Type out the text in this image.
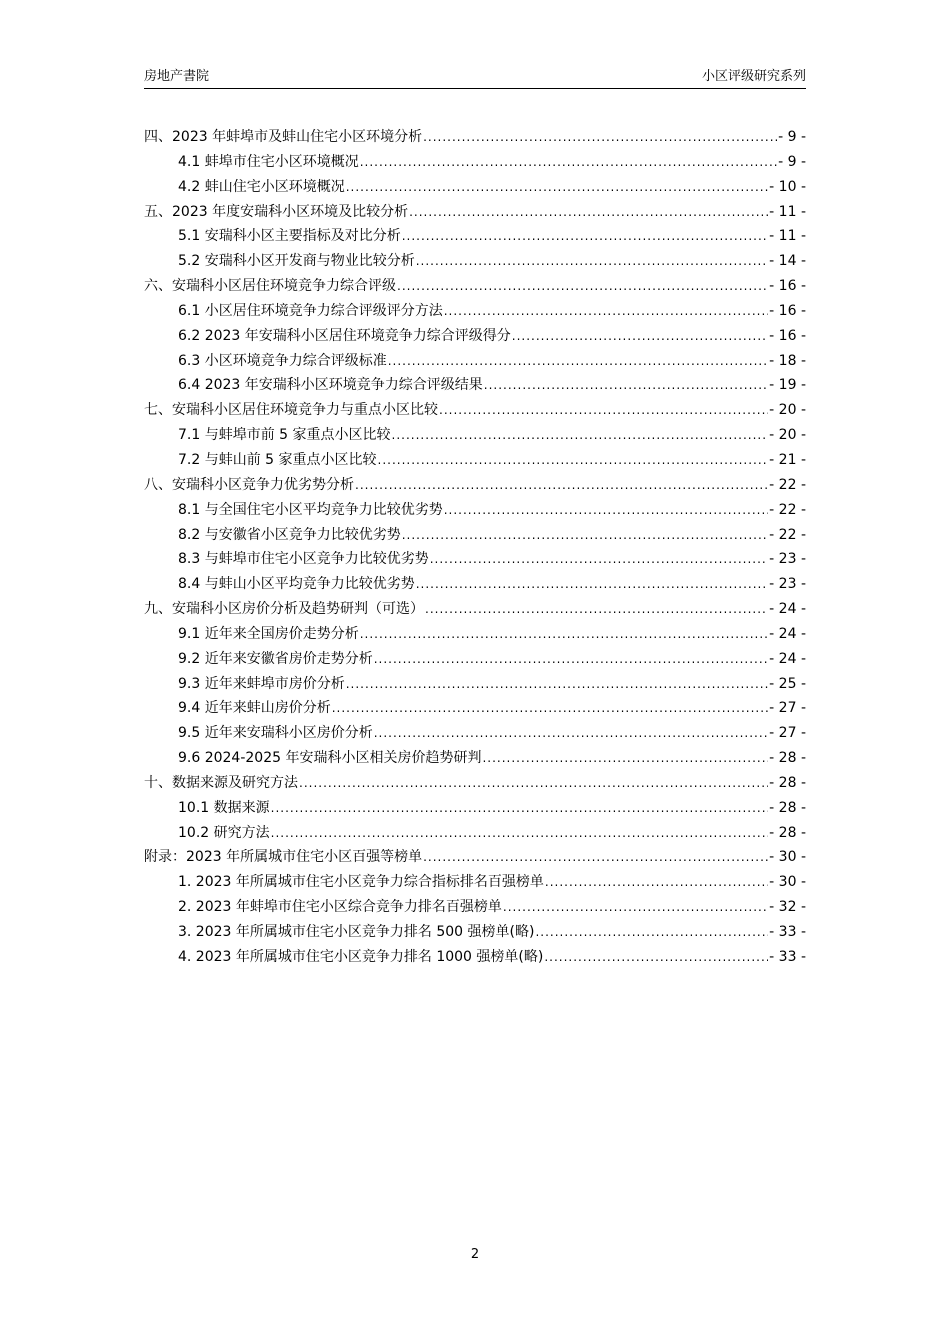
房地产書院	小区评级研究系列
四、2023 年蚌埠市及蚌山住宅小区环境分析 .....	- 9 -
4.1 蚌埠市住宅小区环境概况 .....	- 9 -
4.2 蚌山住宅小区环境概况 .....	- 10 -
五、2023 年度安瑞科小区环境及比较分析 .....	- 11 -
5.1 安瑞科小区主要指标及对比分析 .....	- 11 -
5.2 安瑞科小区开发商与物业比较分析 .....	- 14 -
六、安瑞科小区居住环境竞争力综合评级 .....	- 16 -
6.1 小区居住环境竞争力综合评级评分方法 .....	- 16 -
6.2 2023 年安瑞科小区居住环境竞争力综合评级得分 .....	- 16 -
6.3 小区环境竞争力综合评级标准 .....	- 18 -
6.4 2023 年安瑞科小区环境竞争力综合评级结果 .....	- 19 -
七、安瑞科小区居住环境竞争力与重点小区比较 .....	- 20 -
7.1 与蚌埠市前 5 家重点小区比较 .....	- 20 -
7.2 与蚌山前 5 家重点小区比较 .....	- 21 -
八、安瑞科小区竞争力优劣势分析 .....	- 22 -
8.1 与全国住宅小区平均竞争力比较优劣势 .....	- 22 -
8.2 与安徽省小区竞争力比较优劣势 .....	- 22 -
8.3 与蚌埠市住宅小区竞争力比较优劣势 .....	- 23 -
8.4 与蚌山小区平均竞争力比较优劣势 .....	- 23 -
九、安瑞科小区房价分析及趋势研判（可选） .....	- 24 -
9.1 近年来全国房价走势分析 .....	- 24 -
9.2 近年来安徽省房价走势分析 .....	- 24 -
9.3 近年来蚌埠市房价分析 .....	- 25 -
9.4 近年来蚌山房价分析 .....	- 27 -
9.5 近年来安瑞科小区房价分析 .....	- 27 -
9.6 2024-2025 年安瑞科小区相关房价趋势研判 .....	- 28 -
十、数据来源及研究方法 .....	- 28 -
10.1 数据来源 .....	- 28 -
10.2 研究方法 .....	- 28 -
附录：2023 年所属城市住宅小区百强等榜单 .....	- 30 -
1. 2023 年所属城市住宅小区竞争力综合指标排名百强榜单 .....	- 30 -
2. 2023 年蚌埠市住宅小区综合竞争力排名百强榜单 .....	- 32 -
3. 2023 年所属城市住宅小区竞争力排名 500 强榜单(略) .....	- 33 -
4. 2023 年所属城市住宅小区竞争力排名 1000 强榜单(略) .....	- 33 -
2
